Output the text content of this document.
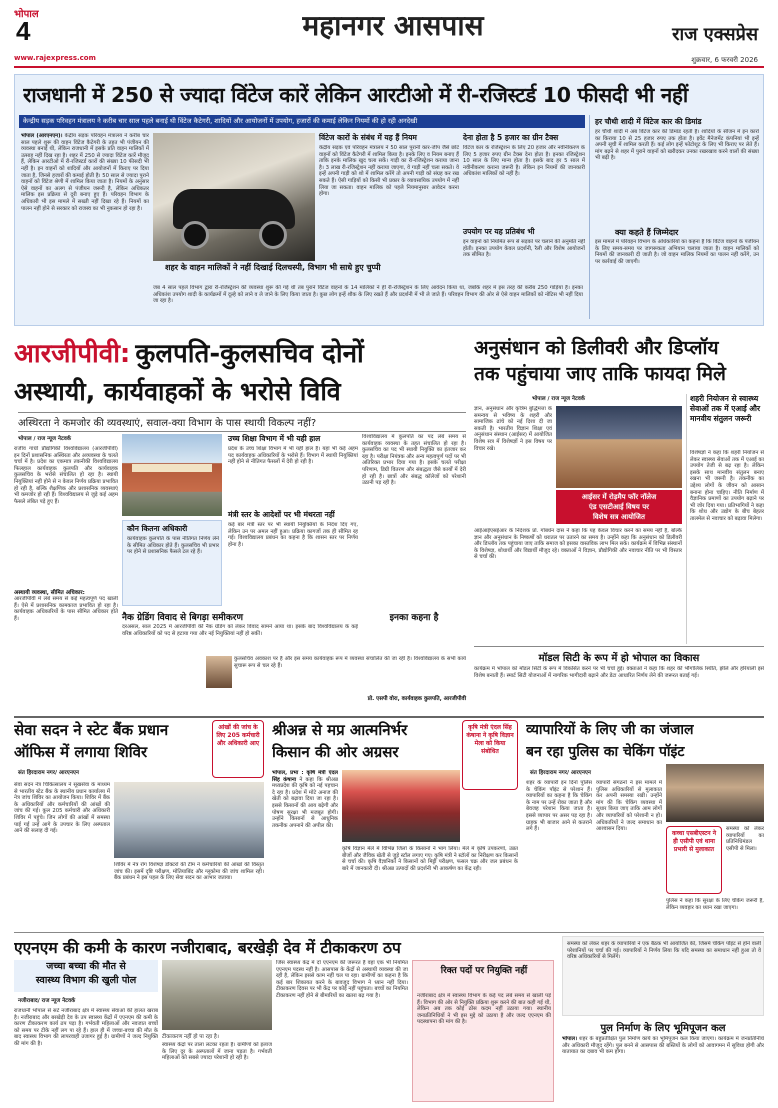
भोपाल
4	महानगर आसपास	राज एक्सप्रेस
www.rajexpress.com	शुक्रवार, 6 फरवरी 2026
राजधानी में 250 से ज्यादा विंटेज कारें लेकिन आरटीओ में री-रजिस्टर्ड 10 फीसदी भी नहीं
केन्द्रीय सड़क परिवहन मंत्रालय ने करीब चार साल पहले बनाई थी विंटेज कैटेगरी, शादियों और आयोजनों में उपयोग, हजारों की कमाई लेकिन नियमों की हो रही अनदेखी
भोपाल (आरएनएन)। केंद्रीय सड़क परिवहन मंत्रालय ने करीब चार साल पहले शुरू की वाहन विंटेज कैटेगरी के तहत भी पंजीयन की व्यवस्था बनाई थी, लेकिन राजधानी में इसके प्रति वाहन मालिकों में उत्साह नहीं दिख रहा है। शहर में 250 से ज्यादा विंटेज कारें मौजूद हैं, लेकिन आरटीओ में री-रजिस्टर्ड कारों की संख्या 10 फीसदी भी नहीं है। इन वाहनों को शादियों और आयोजनों में किराए पर दिया जाता है, जिनसे हजारों की कमाई होती है। 50 साल से ज्यादा पुराने वाहनों को विंटेज श्रेणी में शामिल किया जाता है। नियमों के अनुसार ऐसे वाहनों का अलग से पंजीयन जरूरी है, लेकिन अधिकतर मालिक इस प्रक्रिया से दूरी बनाए हुए हैं। परिवहन विभाग के अधिकारी भी इस मामले में सख्ती नहीं दिखा रहे हैं। नियमों का पालन नहीं होने से सरकार को राजस्व का भी नुकसान हो रहा है।
शहर के वाहन मालिकों ने नहीं दिखाई दिलचस्पी, विभाग भी साधे हुए चुप्पी
जब 4 साल पहले विभाग द्वारा री-रजिस्ट्रेशन की व्यवस्था शुरू की गई थी तब पुराने विंटेज वाहनों के 14 मालिकों ने ही री-रजिस्ट्रेशन के लिए आवेदन किया था, जबकि शहर में इस तरह की करीब 250 गाड़ियां हैं। इनका अधिकांश उपयोग शादी के कार्यक्रमों में दूल्हे को लाने व ले जाने के लिए किया जाता है। कुछ लोग इन्हें शौक के लिए रखते हैं और प्रदर्शनी में भी ले जाते हैं। परिवहन विभाग की ओर से ऐसे वाहन मालिकों को नोटिस भी नहीं दिया जा रहा है।
विंटेज कारों के संबंध में यह हैं नियम
केंद्रीय सड़क एवं परिवहन मंत्रालय ने 50 साल पुरानी कार-जीप जैसे छोटे वाहनों को विंटेज कैटेगरी में शामिल किया है। इनके लिए व नियम बनाए हैं ताकि इनके मालिक खुद चला सकें। गाड़ी का री-रजिस्ट्रेशन कराया जाना है। 3 लाख री-रजिस्ट्रेशन नहीं कराया जाएगा, वे गाड़ी नहीं चला सकते। वे इन्हें अपनी गाड़ी को शो में शामिल करेंगे तो अपनी गाड़ी को संग्रह कर रख सकते हैं। ऐसी गाड़ियों को किसी भी प्रकार के व्यावसायिक उपयोग में नहीं लिया जा सकता। वाहन मालिक को पहले नियमानुसार आवेदन करना होगा।
देना होता है 5 हजार का ग्रीन टैक्स
विंटेज कार के रजिस्ट्रेशन के लिए 20 हजार और नवीनीकरण के लिए 5 हजार रुपए ग्रीन टैक्स देना होता है। इनका रजिस्ट्रेशन 10 साल के लिए मान्य होता है। इसके बाद हर 5 साल में नवीनीकरण कराना जरूरी है। लेकिन इन नियमों की जानकारी अधिकांश मालिकों को नहीं है।
उपयोग पर यह प्रतिबंध भी
इन वाहनों को नियमित रूप से सड़कों पर चलाने की अनुमति नहीं होती। इनका उपयोग केवल प्रदर्शनी, रैली और विशेष आयोजनों तक सीमित है।
हर चौथी शादी में विंटेज कार की डिमांड
हर चौथी शादी में अब विंटेज कार की डिमांड रहती है। शादियों के सीजन में इन कारों का किराया 10 से 25 हजार रुपए तक होता है। इवेंट मैनेजमेंट कंपनियां भी इन्हें अपनी सूची में शामिल करती हैं। कई लोग इन्हें फोटोशूट के लिए भी किराए पर लेते हैं। मांग बढ़ने से शहर में पुराने वाहनों को खरीदकर उनका रखरखाव करने वालों की संख्या भी बढ़ी है।
क्या कहते हैं जिम्मेदार
इस मामले में परिवहन विभाग के अधिकारियों का कहना है कि विंटेज वाहनों के पंजीयन के लिए समय-समय पर जागरूकता अभियान चलाया जाता है। वाहन मालिकों को नियमों की जानकारी दी जाती है। जो वाहन मालिक नियमों का पालन नहीं करेंगे, उन पर कार्रवाई की जाएगी।
आरजीपीवी: कुलपति-कुलसचिव दोनों
अस्थायी, कार्यवाहकों के भरोसे विवि
अस्थिरता ने कमजोर की व्यवस्थाएं, सवाल-क्या विभाग के पास स्थायी विकल्प नहीं?
भोपाल / राज न्यूज नेटवर्क
राजीव गांधी प्रौद्योगिकी विश्वविद्यालय (आरजीपीवी) इन दिनों प्रशासनिक अस्थिरता और अव्यवस्था के चलते चर्चा में है। प्रदेश का एकमात्र तकनीकी विश्वविद्यालय फिलहाल कार्यवाहक कुलपति और कार्यवाहक कुलसचिव के भरोसे संचालित हो रहा है। स्थायी नियुक्तियां नहीं होने से न केवल निर्णय प्रक्रिया प्रभावित हो रही है, बल्कि शैक्षणिक और प्रशासनिक व्यवस्थाएं भी कमजोर हो रही हैं। विश्वविद्यालय से जुड़े कई अहम फैसले लंबित पड़े हुए हैं।
अस्थायी व्यवस्था, सीमित अधिकार:
आरजीपीवी में लंबे समय से कई महत्वपूर्ण पद खाली हैं। ऐसे में प्रशासनिक कामकाज प्रभावित हो रहा है। कार्यवाहक अधिकारियों के पास सीमित अधिकार होते हैं।
उच्च शिक्षा विभाग में भी यही हाल
प्रदेश के उच्च शिक्षा विभाग में भी यही हाल है। यहां भी कई अहम पद कार्यवाहक अधिकारियों के भरोसे हैं। विभाग में स्थायी नियुक्तियां नहीं होने से नीतिगत फैसलों में देरी हो रही है।
मंत्री स्तर के आदेशों पर भी मंथरता नहीं
कई बार मंत्री स्तर पर भी स्थायी नियुक्तियों के निर्देश दिए गए, लेकिन उन पर अमल नहीं हुआ। प्रक्रिया कागजों तक ही सीमित रह गई। विश्वविद्यालय प्रबंधन का कहना है कि शासन स्तर पर निर्णय होना है।
विश्वविद्यालय में कुलपति का पद लंबे समय से कार्यवाहक व्यवस्था के तहत संचालित हो रहा है। कुलसचिव का पद भी स्थायी नियुक्ति का इंतजार कर रहा है। परीक्षा नियंत्रक और अन्य महत्वपूर्ण पदों पर भी अतिरिक्त प्रभार दिया गया है। इसके चलते परीक्षा परिणाम, डिग्री वितरण और संबद्धता जैसे कार्यों में देरी हो रही है। छात्रों और संबद्ध कॉलेजों को परेशानी उठानी पड़ रही है।
कौन कितना अधिकारी
कार्यवाहक कुलपति के पास नीतिगत निर्णय लेने के सीमित अधिकार होते हैं। कुलसचिव भी प्रभार पर होने से प्रशासनिक फैसले टल रहे हैं।
नैक ग्रेडिंग विवाद से बिगड़ा समीकरण
दरअसल, साल 2025 में आरजीपीवी की नैक ग्रेडिंग को लेकर विवाद सामने आया था। इसके बाद विश्वविद्यालय के कई वरिष्ठ अधिकारियों को पद से हटाया गया और नई नियुक्तियां नहीं हो सकीं।
इनका कहना है
कुलसचिव अवकाश पर हैं और इस समय कार्यवाहक रूप में व्यवस्था संचालित की जा रही है। विश्वविद्यालय के सभी कार्य सुचारू रूप से चल रहे हैं।
प्रो. एसपी वोरा, कार्यवाहक कुलपति, आरजीपीवी
अनुसंधान को डिलीवरी और डिप्लॉय
तक पहुंचाया जाए ताकि फायदा मिले
भोपाल / राज न्यूज नेटवर्क
ज्ञान, अनुसंधान और कृत्रिम बुद्धिमत्ता के समन्वय से भविष्य के शहरी और सामाजिक ढांचे को नई दिशा दी जा सकती है। भारतीय विज्ञान शिक्षा एवं अनुसंधान संस्थान (आईसर) में आयोजित विशेष सत्र में विशेषज्ञों ने इस विषय पर विचार रखे।
आईसर में रोड़मैप फॉर नॉलेज
एंड एसटीआई विषय पर
विशेष सत्र आयोजित
आईआईएसईआर के निदेशक प्रो. गोबर्धन दास ने कहा कि यह केवल विचार करने का समय नहीं है, बल्कि ज्ञान और अनुसंधान के निष्कर्षों को धरातल पर उतारने का समय है। उन्होंने कहा कि अनुसंधान को डिलीवरी और डिप्लॉय तक पहुंचाया जाए ताकि समाज को इसका वास्तविक लाभ मिल सके। कार्यक्रम में विभिन्न संस्थानों के विशेषज्ञ, शोधार्थी और विद्यार्थी मौजूद रहे। वक्ताओं ने विज्ञान, प्रौद्योगिकी और नवाचार नीति पर भी विस्तार से चर्चा की।
शहरी नियोजन से स्वास्थ्य सेवाओं तक में एआई और मानवीय संतुलन जरूरी
विशेषज्ञों ने कहा कि शहरी नियोजन से लेकर स्वास्थ्य सेवाओं तक में एआई का उपयोग तेजी से बढ़ रहा है। लेकिन इसके साथ मानवीय संतुलन बनाए रखना भी जरूरी है। तकनीक का उद्देश्य लोगों के जीवन को आसान बनाना होना चाहिए। नीति निर्माण में वैज्ञानिक प्रमाणों का उपयोग बढ़ाने पर भी जोर दिया गया। प्रतिभागियों ने कहा कि शोध और उद्योग के बीच बेहतर तालमेल से नवाचार को बढ़ावा मिलेगा।
मॉडल सिटी के रूप में हो भोपाल का विकास
कार्यक्रम में भोपाल को मॉडल सिटी के रूप में विकसित करने पर भी चर्चा हुई। वक्ताओं ने कहा कि शहर की भौगोलिक स्थिति, झीलें और हरियाली इसे विशेष बनाती हैं। स्मार्ट सिटी योजनाओं में नागरिक भागीदारी बढ़ाने और डेटा आधारित निर्णय लेने की जरूरत बताई गई।
सेवा सदन ने स्टेट बैंक प्रधान
ऑफिस में लगाया शिविर
आंखों की जांच के लिए 205 कर्मचारी और अधिकारी आए
संत हिरदाराम नगर/ आरएनएन
सेवा सदन नेत्र चिकित्सालय ने सूखसेवा के माध्यम से भारतीय स्टेट बैंक के स्थानीय प्रधान कार्यालय में नेत्र जांच शिविर का आयोजन किया। शिविर में बैंक के अधिकारियों और कर्मचारियों की आंखों की जांच की गई। कुल 205 कर्मचारी और अधिकारी शिविर में पहुंचे। जिन लोगों की आंखों में समस्या पाई गई उन्हें आगे के उपचार के लिए अस्पताल आने की सलाह दी गई।
शिविर में नेत्र रोग विशेषज्ञ डॉक्टरों की टीम ने कर्मचारियों की आंखों की विस्तृत जांच की। इसमें दृष्टि परीक्षण, मोतियाबिंद और ग्लूकोमा की जांच शामिल रही। बैंक प्रबंधन ने इस पहल के लिए सेवा सदन का आभार जताया।
श्रीअन्न से मप्र आत्मनिर्भर
किसान की ओर अग्रसर
कृषि मंत्री एंदल सिंह कंषाना ने कृषि विज्ञान मेला को किया संबोधित
भोपाल, प्रभा : कृषि मंत्री एंदल सिंह कंषाना ने कहा कि श्रीअन्न मध्यप्रदेश की कृषि को नई पहचान दे रहा है। प्रदेश में मोटे अनाज की खेती को बढ़ावा दिया जा रहा है। इससे किसानों की आय बढ़ेगी और पोषण सुरक्षा भी मजबूत होगी। उन्होंने किसानों से आधुनिक तकनीक अपनाने की अपील की।
कृषि विज्ञान मेले में विभिन्न जिलों के किसानों ने भाग लिया। मेले में कृषि उपकरणों, उन्नत बीजों और जैविक खेती से जुड़े स्टॉल लगाए गए। कृषि मंत्री ने स्टॉलों का निरीक्षण कर किसानों से चर्चा की। कृषि वैज्ञानिकों ने किसानों को मिट्टी परीक्षण, फसल चक्र और जल प्रबंधन के बारे में जानकारी दी। श्रीअन्न उत्पादों की प्रदर्शनी भी आकर्षण का केंद्र रही।
व्यापारियों के लिए जी का जंजाल
बन रहा पुलिस का चेकिंग पॉइंट
संत हिरदाराम नगर/ आरएनएन
शहर के व्यापारी इन दिनों पुलिस के चेकिंग पॉइंट से परेशान हैं। व्यापारियों का कहना है कि चेकिंग के नाम पर उन्हें रोका जाता है और बेवजह परेशान किया जाता है। इससे व्यापार पर असर पड़ रहा है। ग्राहक भी बाजार आने से कतराने लगे हैं।
व्यापारी संगठनों ने इस मामले में पुलिस अधिकारियों से मुलाकात कर अपनी समस्या रखी। उन्होंने मांग की कि चेकिंग व्यवस्था में सुधार किया जाए ताकि आम लोगों और व्यापारियों को परेशानी न हो। अधिकारियों ने जल्द समाधान का आश्वासन दिया।
कच्चा एसबीएस्टन ने ही एसीपी एवं थाना प्रभारी से मुलाकात
समस्या को लेकर व्यापारियों का प्रतिनिधिमंडल एसीपी से मिला।
पुलिस ने कहा कि सुरक्षा के लिए चेकिंग जरूरी है, लेकिन व्यवहार का ध्यान रखा जाएगा।
एएनएम की कमी के कारण नजीराबाद, बरखेड़ी देव में टीकाकरण ठप
जच्चा बच्चा की मौत से
स्वास्थ्य विभाग की खुली पोल
नजीराबाद/ राज न्यूज नेटवर्क
राजधानी भोपाल से सटे नजीराबाद क्षेत्र में स्वास्थ्य सेवाओं की हालत खराब है। नजीराबाद और बरखेड़ी देव के उप स्वास्थ्य केंद्रों में एएनएम की कमी के कारण टीकाकरण कार्य ठप पड़ा है। गर्भवती महिलाओं और नवजात बच्चों को समय पर टीके नहीं लग पा रहे हैं। हाल ही में जच्चा-बच्चा की मौत के बाद स्वास्थ्य विभाग की लापरवाही उजागर हुई है। ग्रामीणों ने जल्द नियुक्ति की मांग की है।
टीकाकरण नहीं हो पा रहा है।
स्वास्थ्य केंद्रों पर ताला लटका रहता है। ग्रामीणों को इलाज के लिए दूर के अस्पतालों में जाना पड़ता है। गर्भवती महिलाओं को सबसे ज्यादा परेशानी हो रही है।
जिस स्वास्थ्य केंद्र में दो एएनएम की जरूरत है वहां एक भी नियमित एएनएम पदस्थ नहीं है। आसपास के केंद्रों से अस्थायी व्यवस्था की जा रही है, लेकिन इससे काम नहीं चल पा रहा। ग्रामीणों का कहना है कि कई बार शिकायत करने के बावजूद विभाग ने ध्यान नहीं दिया। टीकाकरण दिवस पर भी केंद्र पर कोई नहीं पहुंचता। बच्चों का नियमित टीकाकरण नहीं होने से बीमारियों का खतरा बढ़ गया है।
रिक्त पदों पर नियुक्ति नहीं
नजीराबाद क्षेत्र में स्वास्थ्य विभाग के कई पद लंबे समय से खाली पड़े हैं। विभाग की ओर से नियुक्ति प्रक्रिया शुरू करने की बात कही गई थी, लेकिन अब तक कोई ठोस कदम नहीं उठाया गया। स्थानीय जनप्रतिनिधियों ने भी इस मुद्दे को उठाया है और जल्द एएनएम की पदस्थापना की मांग की है।
पुल निर्माण के लिए भूमिपूजन कल
भोपाल। शहर के बहुप्रतीक्षित पुल निर्माण कार्य का भूमिपूजन कल किया जाएगा। कार्यक्रम में जनप्रतिनिधि और अधिकारी मौजूद रहेंगे। पुल बनने से आसपास की बस्तियों के लोगों को आवागमन में सुविधा होगी और यातायात का दबाव भी कम होगा।
समस्या को लेकर शहर के व्यापारियों ने एक बैठक भी आयोजित की, जिसमें चेकिंग पॉइंट से होने वाली परेशानियों पर चर्चा की गई। व्यापारियों ने निर्णय लिया कि यदि समस्या का समाधान नहीं हुआ तो वे वरिष्ठ अधिकारियों से मिलेंगे।
